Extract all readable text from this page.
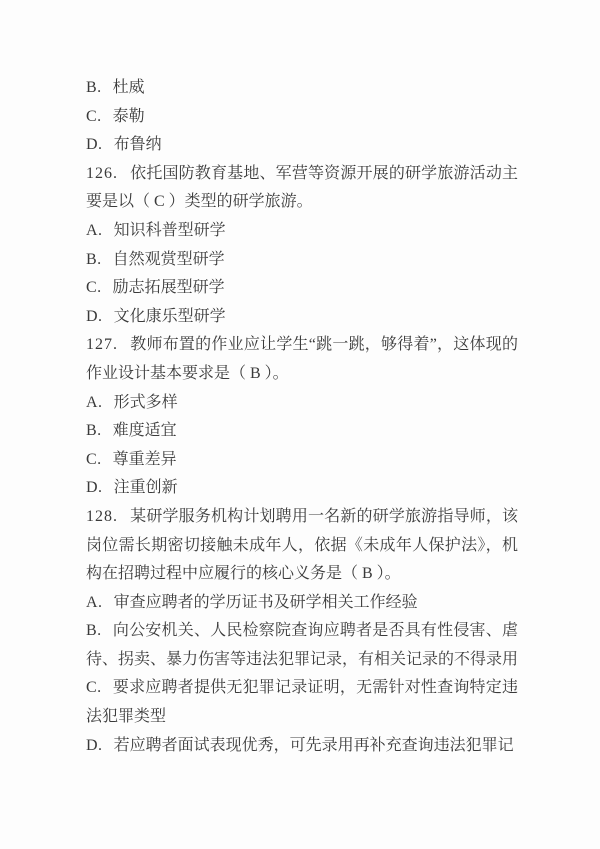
B. 杜威

C. 泰勒

D. 布鲁纳

126. 依托国防教育基地、军营等资源开展的研学旅游活动主要是以（ C ）类型的研学旅游。

A. 知识科普型研学

B. 自然观赏型研学

C. 励志拓展型研学

D. 文化康乐型研学

127. 教师布置的作业应让学生“跳一跳，够得着”，这体现的作业设计基本要求是（ B ）。

A. 形式多样

B. 难度适宜

C. 尊重差异

D. 注重创新

128. 某研学服务机构计划聘用一名新的研学旅游指导师，该岗位需长期密切接触未成年人，依据《未成年人保护法》，机构在招聘过程中应履行的核心义务是（ B ）。

A. 审查应聘者的学历证书及研学相关工作经验

B. 向公安机关、人民检察院查询应聘者是否具有性侵害、虐待、拐卖、暴力伤害等违法犯罪记录，有相关记录的不得录用

C. 要求应聘者提供无犯罪记录证明，无需针对性查询特定违法犯罪类型

D. 若应聘者面试表现优秀，可先录用再补充查询违法犯罪记
